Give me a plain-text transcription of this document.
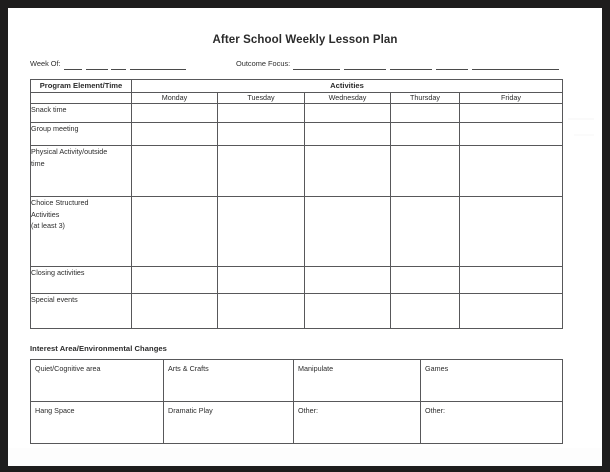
After School Weekly Lesson Plan
Week Of:	Outcome Focus:
Program Element/Time	Activities				
	Monday	Tuesday	Wednesday	Thursday	Friday
Snack time					
Group meeting					

Physical Activity/outside
time					

Choice Structured
Activities
(at least 3)					

Closing activities					
Special events					
Interest Area/Environmental Changes
Quiet/Cognitive area	Arts & Crafts	Manipulate	Games
Hang Space	Dramatic Play	Other:	Other:
